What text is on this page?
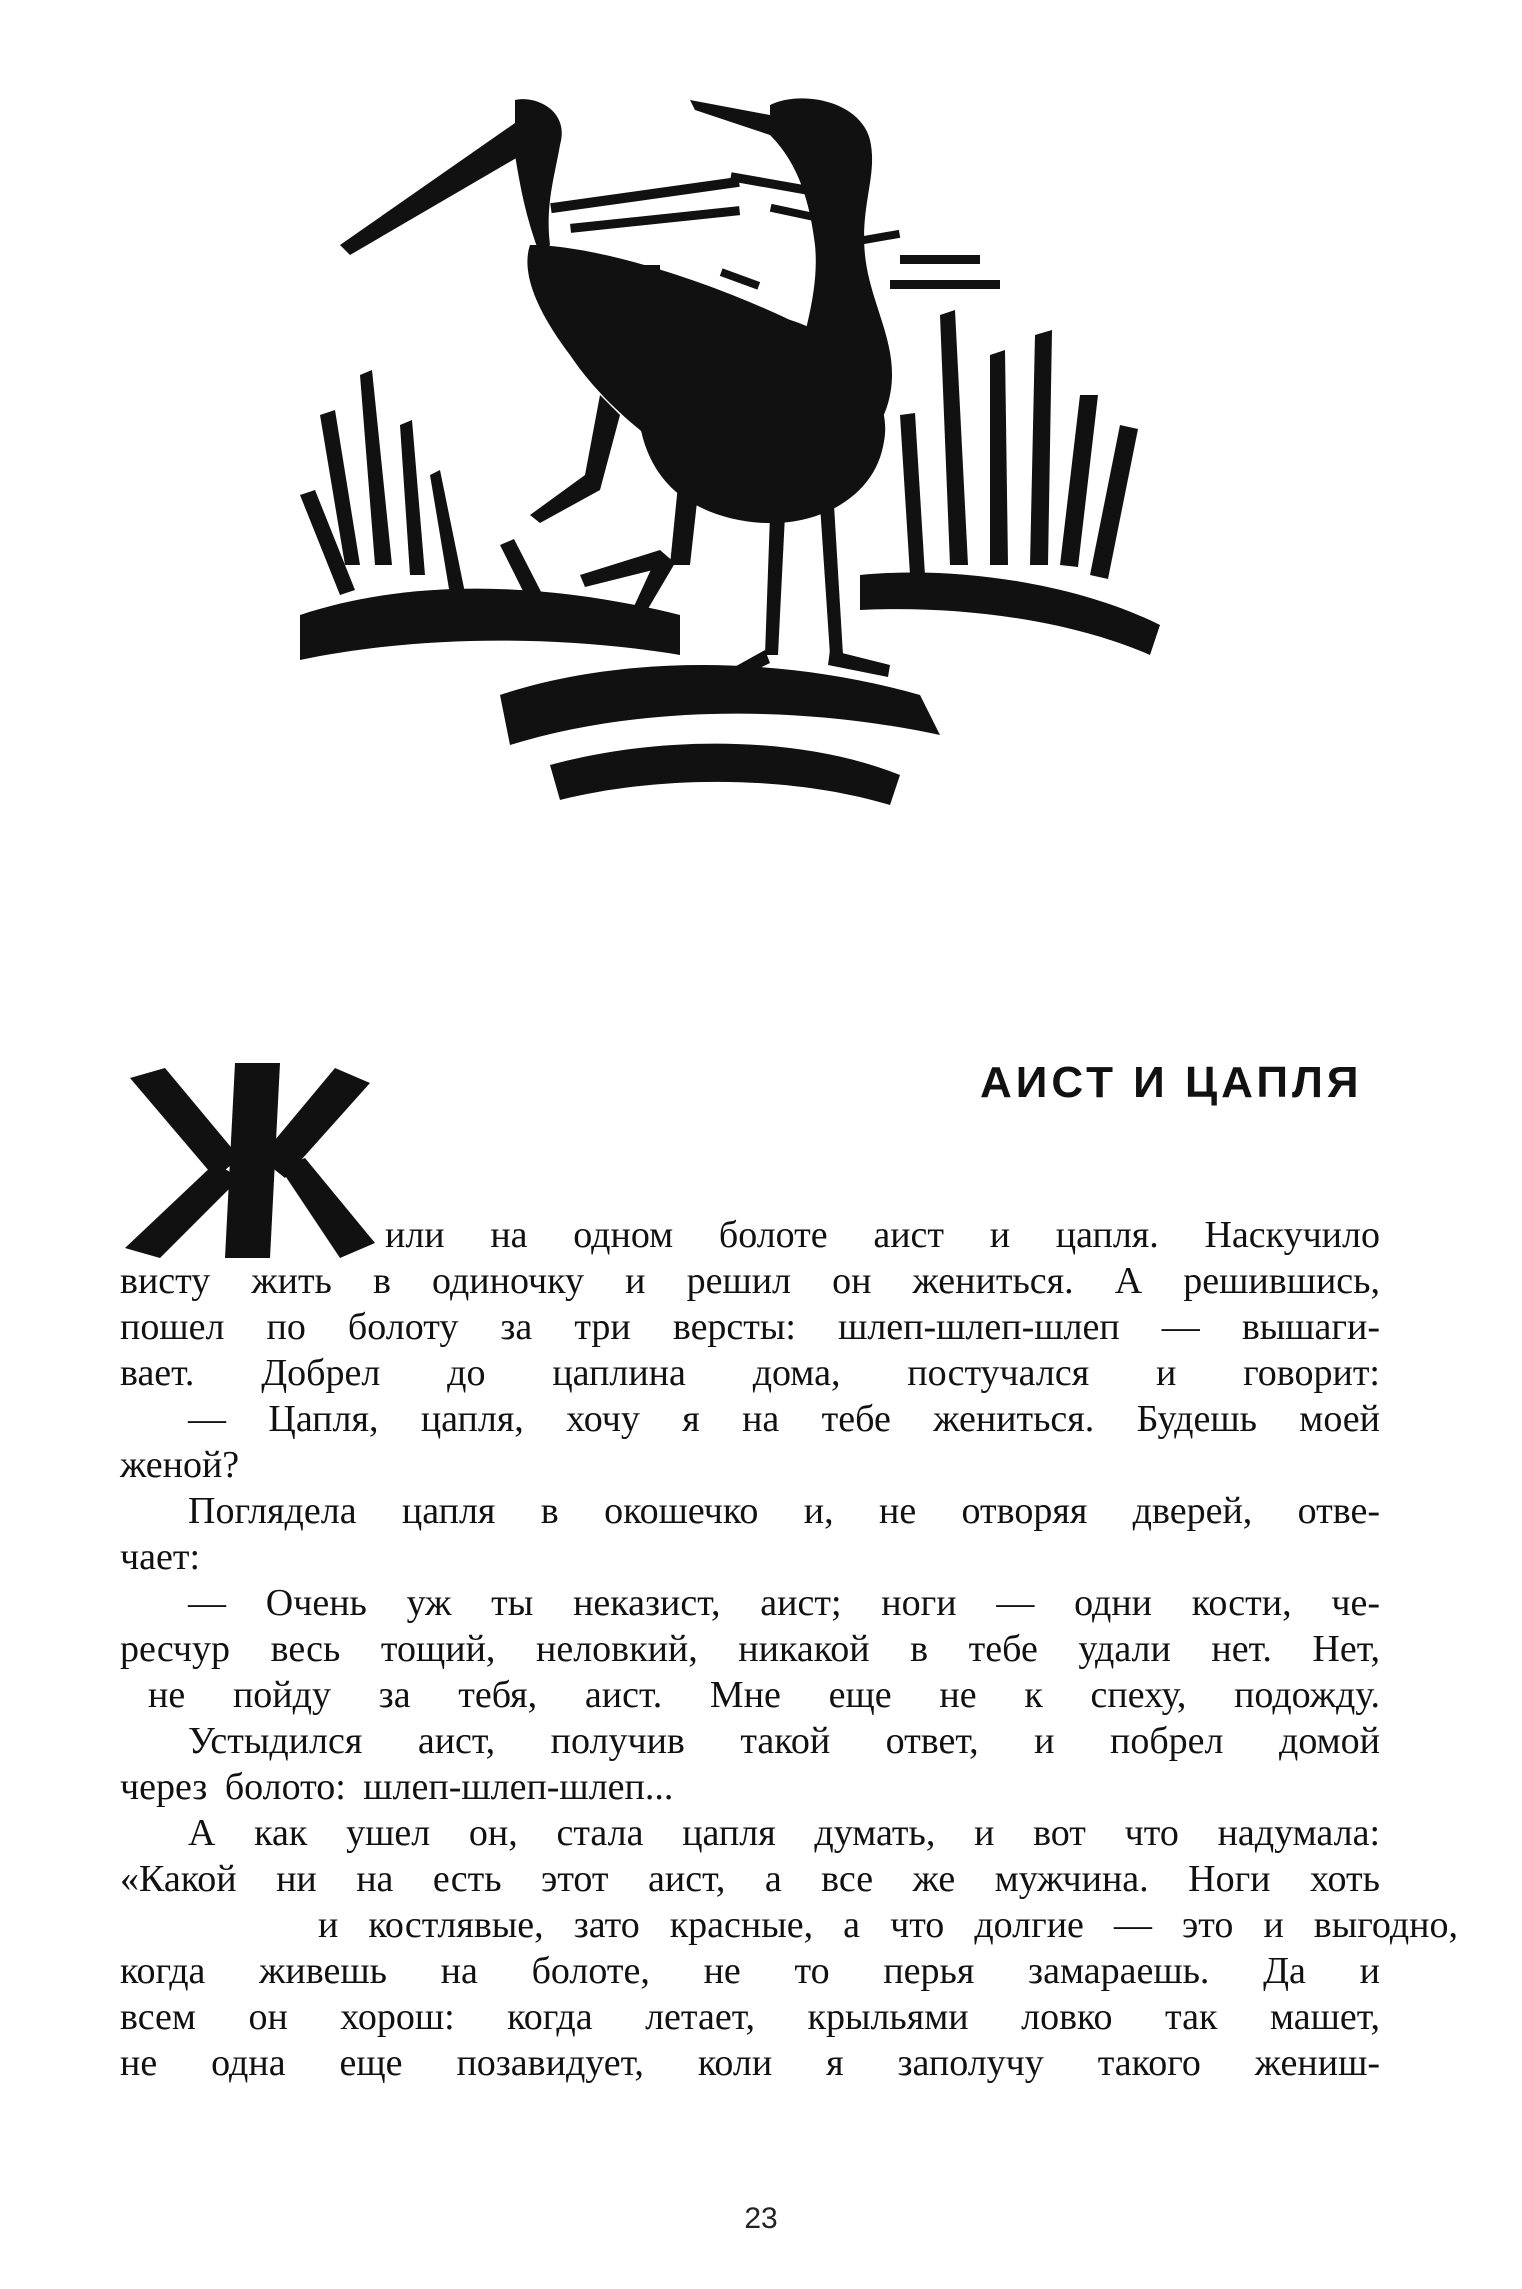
АИСТ И ЦАПЛЯ
или на одном болоте аист и цапля. Наскучило
висту жить в одиночку и решил он жениться. А решившись,
пошел по болоту за три версты: шлеп-шлеп-шлеп — вышаги-
вает. Добрел до цаплина дома, постучался и говорит:
— Цапля, цапля, хочу я на тебе жениться. Будешь моей
женой?
Поглядела цапля в окошечко и, не отворяя дверей, отве-
чает:
— Очень уж ты неказист, аист; ноги — одни кости, че-
ресчур весь тощий, неловкий, никакой в тебе удали нет. Нет,
не пойду за тебя, аист. Мне еще не к спеху, подожду.
Устыдился аист, получив такой ответ, и побрел домой
через болото: шлеп-шлеп-шлеп...
А как ушел он, стала цапля думать, и вот что надумала:
«Какой ни на есть этот аист, а все же мужчина. Ноги хоть
и костлявые, зато красные, а что долгие — это и выгодно,
когда живешь на болоте, не то перья замараешь. Да и
всем он хорош: когда летает, крыльями ловко так машет,
не одна еще позавидует, коли я заполучу такого жениш-
23
